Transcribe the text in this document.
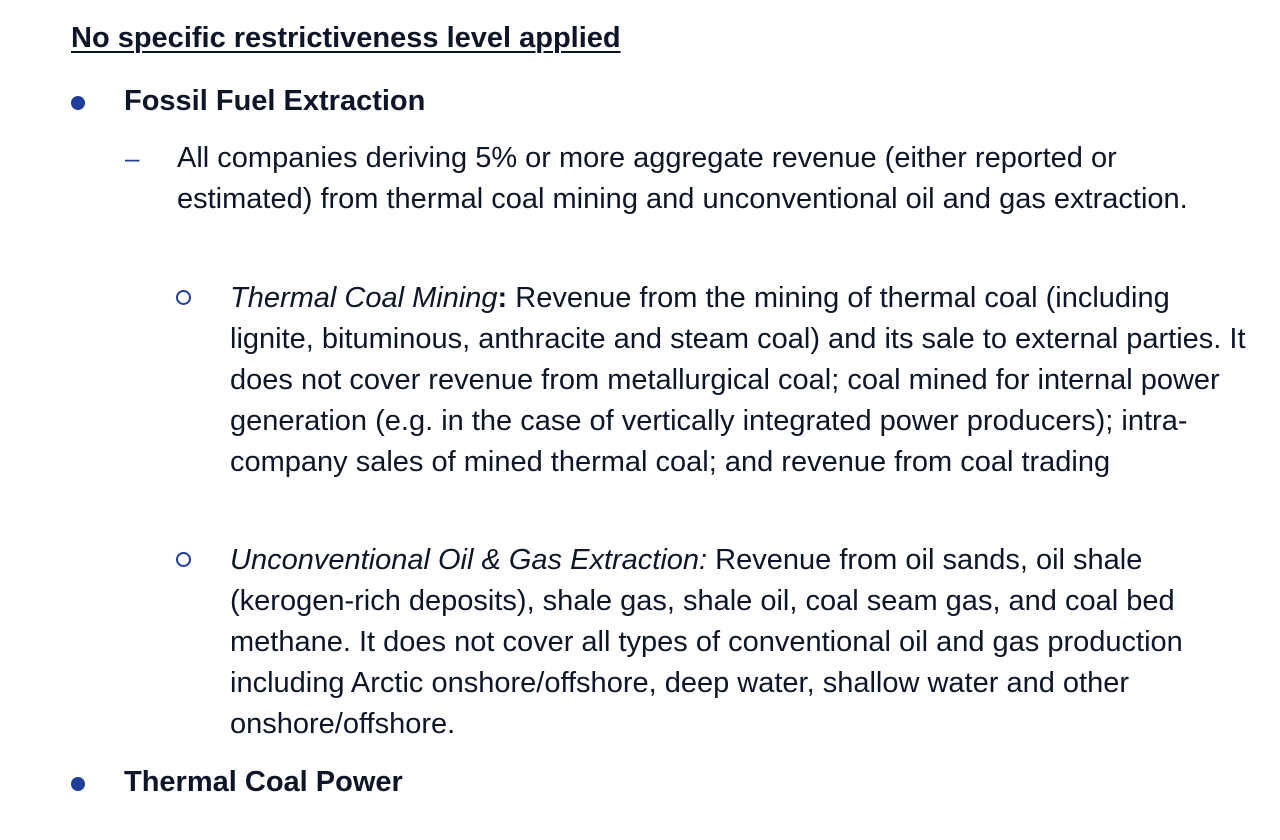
No specific restrictiveness level applied
Fossil Fuel Extraction
– All companies deriving 5% or more aggregate revenue (either reported or estimated) from thermal coal mining and unconventional oil and gas extraction.
Thermal Coal Mining: Revenue from the mining of thermal coal (including lignite, bituminous, anthracite and steam coal) and its sale to external parties. It does not cover revenue from metallurgical coal; coal mined for internal power generation (e.g. in the case of vertically integrated power producers); intra-company sales of mined thermal coal; and revenue from coal trading
Unconventional Oil & Gas Extraction: Revenue from oil sands, oil shale (kerogen-rich deposits), shale gas, shale oil, coal seam gas, and coal bed methane. It does not cover all types of conventional oil and gas production including Arctic onshore/offshore, deep water, shallow water and other onshore/offshore.
Thermal Coal Power
